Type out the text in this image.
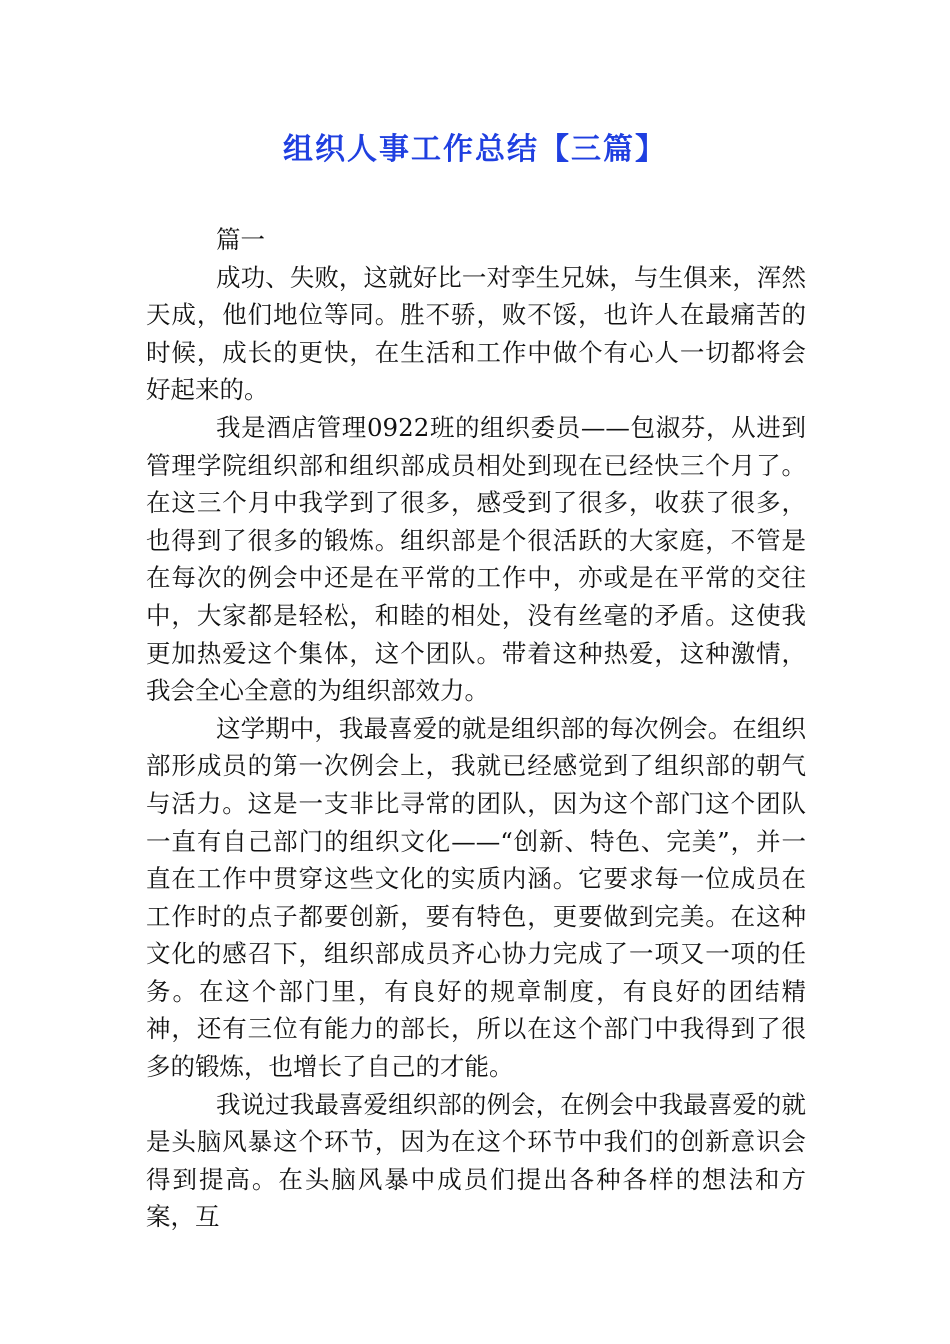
组织人事工作总结【三篇】

篇一

成功、失败，这就好比一对孪生兄妹，与生俱来，浑然天成，他们地位等同。胜不骄，败不馁，也许人在最痛苦的时候，成长的更快，在生活和工作中做个有心人一切都将会好起来的。

我是酒店管理0922班的组织委员——包淑芬，从进到管理学院组织部和组织部成员相处到现在已经快三个月了。在这三个月中我学到了很多，感受到了很多，收获了很多，也得到了很多的锻炼。组织部是个很活跃的大家庭，不管是在每次的例会中还是在平常的工作中，亦或是在平常的交往中，大家都是轻松，和睦的相处，没有丝毫的矛盾。这使我更加热爱这个集体，这个团队。带着这种热爱，这种激情，我会全心全意的为组织部效力。

这学期中，我最喜爱的就是组织部的每次例会。在组织部形成员的第一次例会上，我就已经感觉到了组织部的朝气与活力。这是一支非比寻常的团队，因为这个部门这个团队一直有自己部门的组织文化——“创新、特色、完美”，并一直在工作中贯穿这些文化的实质内涵。它要求每一位成员在工作时的点子都要创新，要有特色，更要做到完美。在这种文化的感召下，组织部成员齐心协力完成了一项又一项的任务。在这个部门里，有良好的规章制度，有良好的团结精神，还有三位有能力的部长，所以在这个部门中我得到了很多的锻炼，也增长了自己的才能。

我说过我最喜爱组织部的例会，在例会中我最喜爱的就是头脑风暴这个环节，因为在这个环节中我们的创新意识会得到提高。在头脑风暴中成员们提出各种各样的想法和方案，互
